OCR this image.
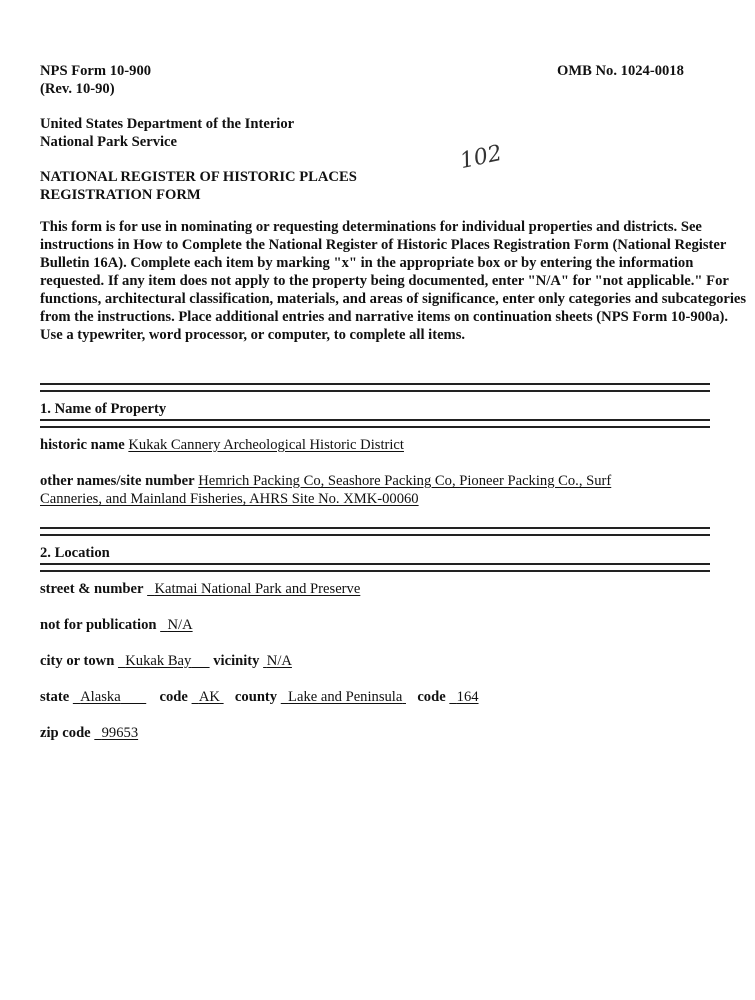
NPS Form 10-900
(Rev. 10-90)
OMB No. 1024-0018
United States Department of the Interior
National Park Service	102
NATIONAL REGISTER OF HISTORIC PLACES
REGISTRATION FORM
This form is for use in nominating or requesting determinations for individual properties and districts. See instructions in How to Complete the National Register of Historic Places Registration Form (National Register Bulletin 16A). Complete each item by marking "x" in the appropriate box or by entering the information requested. If any item does not apply to the property being documented, enter "N/A" for "not applicable." For functions, architectural classification, materials, and areas of significance, enter only categories and subcategories from the instructions. Place additional entries and narrative items on continuation sheets (NPS Form 10-900a). Use a typewriter, word processor, or computer, to complete all items.
1. Name of Property
historic name Kukak Cannery Archeological Historic District
other names/site number Hemrich Packing Co, Seashore Packing Co, Pioneer Packing Co., Surf
Canneries, and Mainland Fisheries, AHRS Site No. XMK-00060
2. Location
street & number Katmai National Park and Preserve
not for publication N/A
city or town Kukak Bay vicinity N/A
state Alaska	code AK county Lake and Peninsula code 164
zip code 99653
